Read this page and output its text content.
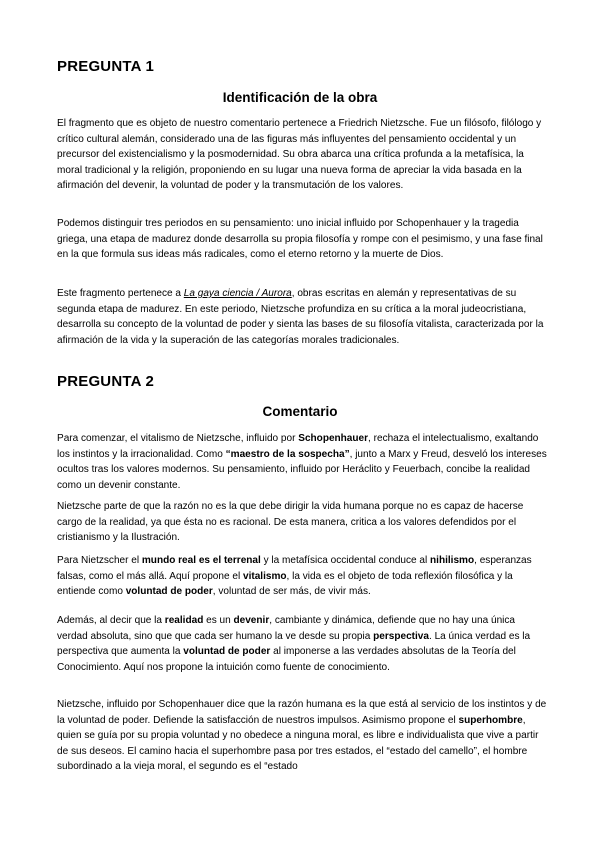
PREGUNTA 1
Identificación de la obra

El fragmento que es objeto de nuestro comentario pertenece a Friedrich Nietzsche. Fue un filósofo, filólogo y crítico cultural alemán, considerado una de las figuras más influyentes del pensamiento occidental y un precursor del existencialismo y la posmodernidad. Su obra abarca una crítica profunda a la metafísica, la moral tradicional y la religión, proponiendo en su lugar una nueva forma de apreciar la vida basada en la afirmación del devenir, la voluntad de poder y la transmutación de los valores.

Podemos distinguir tres periodos en su pensamiento: uno inicial influido por Schopenhauer y la tragedia griega, una etapa de madurez donde desarrolla su propia filosofía y rompe con el pesimismo, y una fase final en la que formula sus ideas más radicales, como el eterno retorno y la muerte de Dios.

Este fragmento pertenece a La gaya ciencia / Aurora, obras escritas en alemán y representativas de su segunda etapa de madurez. En este periodo, Nietzsche profundiza en su crítica a la moral judeocristiana, desarrolla su concepto de la voluntad de poder y sienta las bases de su filosofía vitalista, caracterizada por la afirmación de la vida y la superación de las categorías morales tradicionales.

PREGUNTA 2
Comentario

Para comenzar, el vitalismo de Nietzsche, influido por Schopenhauer, rechaza el intelectualismo, exaltando los instintos y la irracionalidad. Como “maestro de la sospecha”, junto a Marx y Freud, desveló los intereses ocultos tras los valores modernos. Su pensamiento, influido por Heráclito y Feuerbach, concibe la realidad como un devenir constante.

Nietzsche parte de que la razón no es la que debe dirigir la vida humana porque no es capaz de hacerse cargo de la realidad, ya que ésta no es racional. De esta manera, critica a los valores defendidos por el cristianismo y la Ilustración.

Para Nietzscher el mundo real es el terrenal y la metafísica occidental conduce al nihilismo, esperanzas falsas, como el más allá. Aquí propone el vitalismo, la vida es el objeto de toda reflexión filosófica y la entiende como voluntad de poder, voluntad de ser más, de vivir más.

Además, al decir que la realidad es un devenir, cambiante y dinámica, defiende que no hay una única verdad absoluta, sino que que cada ser humano la ve desde su propia perspectiva. La única verdad es la perspectiva que aumenta la voluntad de poder al imponerse a las verdades absolutas de la Teoría del Conocimiento. Aquí nos propone la intuición como fuente de conocimiento.

Nietzsche, influido por Schopenhauer dice que la razón humana es la que está al servicio de los instintos y de la voluntad de poder. Defiende la satisfacción de nuestros impulsos. Asimismo propone el superhombre, quien se guía por su propia voluntad y no obedece a ninguna moral, es libre e individualista que vive a partir de sus deseos. El camino hacia el superhombre pasa por tres estados, el “estado del camello”, el hombre subordinado a la vieja moral, el segundo es el “estado
